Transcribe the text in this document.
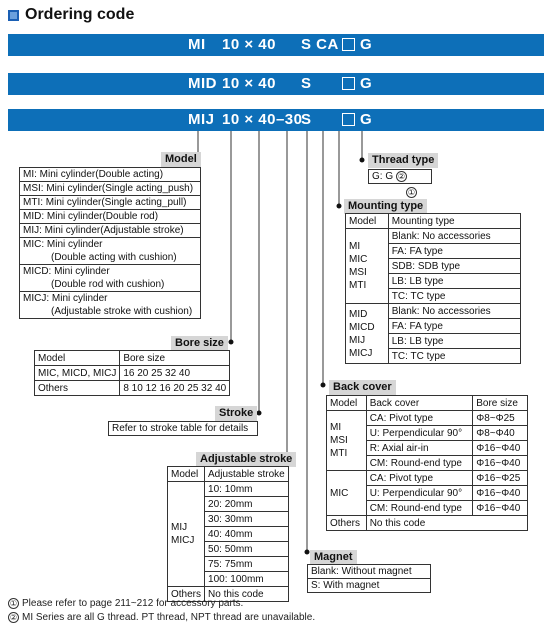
Ordering code
MI 10 × 40 S CA G
MID 10 × 40 S	G
MIJ 10 × 40–30
S	G
Thread type
G: G ②
①
Mounting type
Model	Mounting type

MI
MIC
MSI
MTI	Blank: No accessories
	FA: FA type
	SDB: SDB type
	LB: LB type
	TC: TC type

MID
MICD
MIJ
MICJ	Blank: No accessories
	FA: FA type
	LB: LB type
	TC: TC type
Model
MI: Mini cylinder(Double acting)
MSI: Mini cylinder(Single acting_push)
MTI: Mini cylinder(Single acting_pull)
MID: Mini cylinder(Double rod)
MIJ: Mini cylinder(Adjustable stroke)
MIC: Mini cylinder
(Double acting with cushion)
MICD: Mini cylinder
(Double rod with cushion)
MICJ: Mini cylinder
(Adjustable stroke with cushion)
Bore size
Model	Bore size
MIC, MICD, MICJ	16 20 25 32 40
Others	8 10 12 16 20 25 32 40
Stroke
Refer to stroke table for details
Adjustable stroke
Model	Adjustable stroke

MIJ
MICJ	10: 10mm
	20: 20mm
	30: 30mm
	40: 40mm
	50: 50mm
	75: 75mm
	100: 100mm
Others	No this code
Back cover
Model	Back cover	Bore size

MI
MSI
MTI	CA: Pivot type	Φ8~Φ25
	U: Perpendicular 90°	Φ8~Φ40
	R: Axial air-in	Φ16~Φ40
	CM: Round-end type	Φ16~Φ40

MIC	CA: Pivot type	Φ16~Φ25
	U: Perpendicular 90°	Φ16~Φ40
	CM: Round-end type	Φ16~Φ40
Others	No this code	
Magnet
Blank: Without magnet
S: With magnet
① Please refer to page 211~212 for accessory parts.
② MI Series are all G thread. PT thread, NPT thread are unavailable.
